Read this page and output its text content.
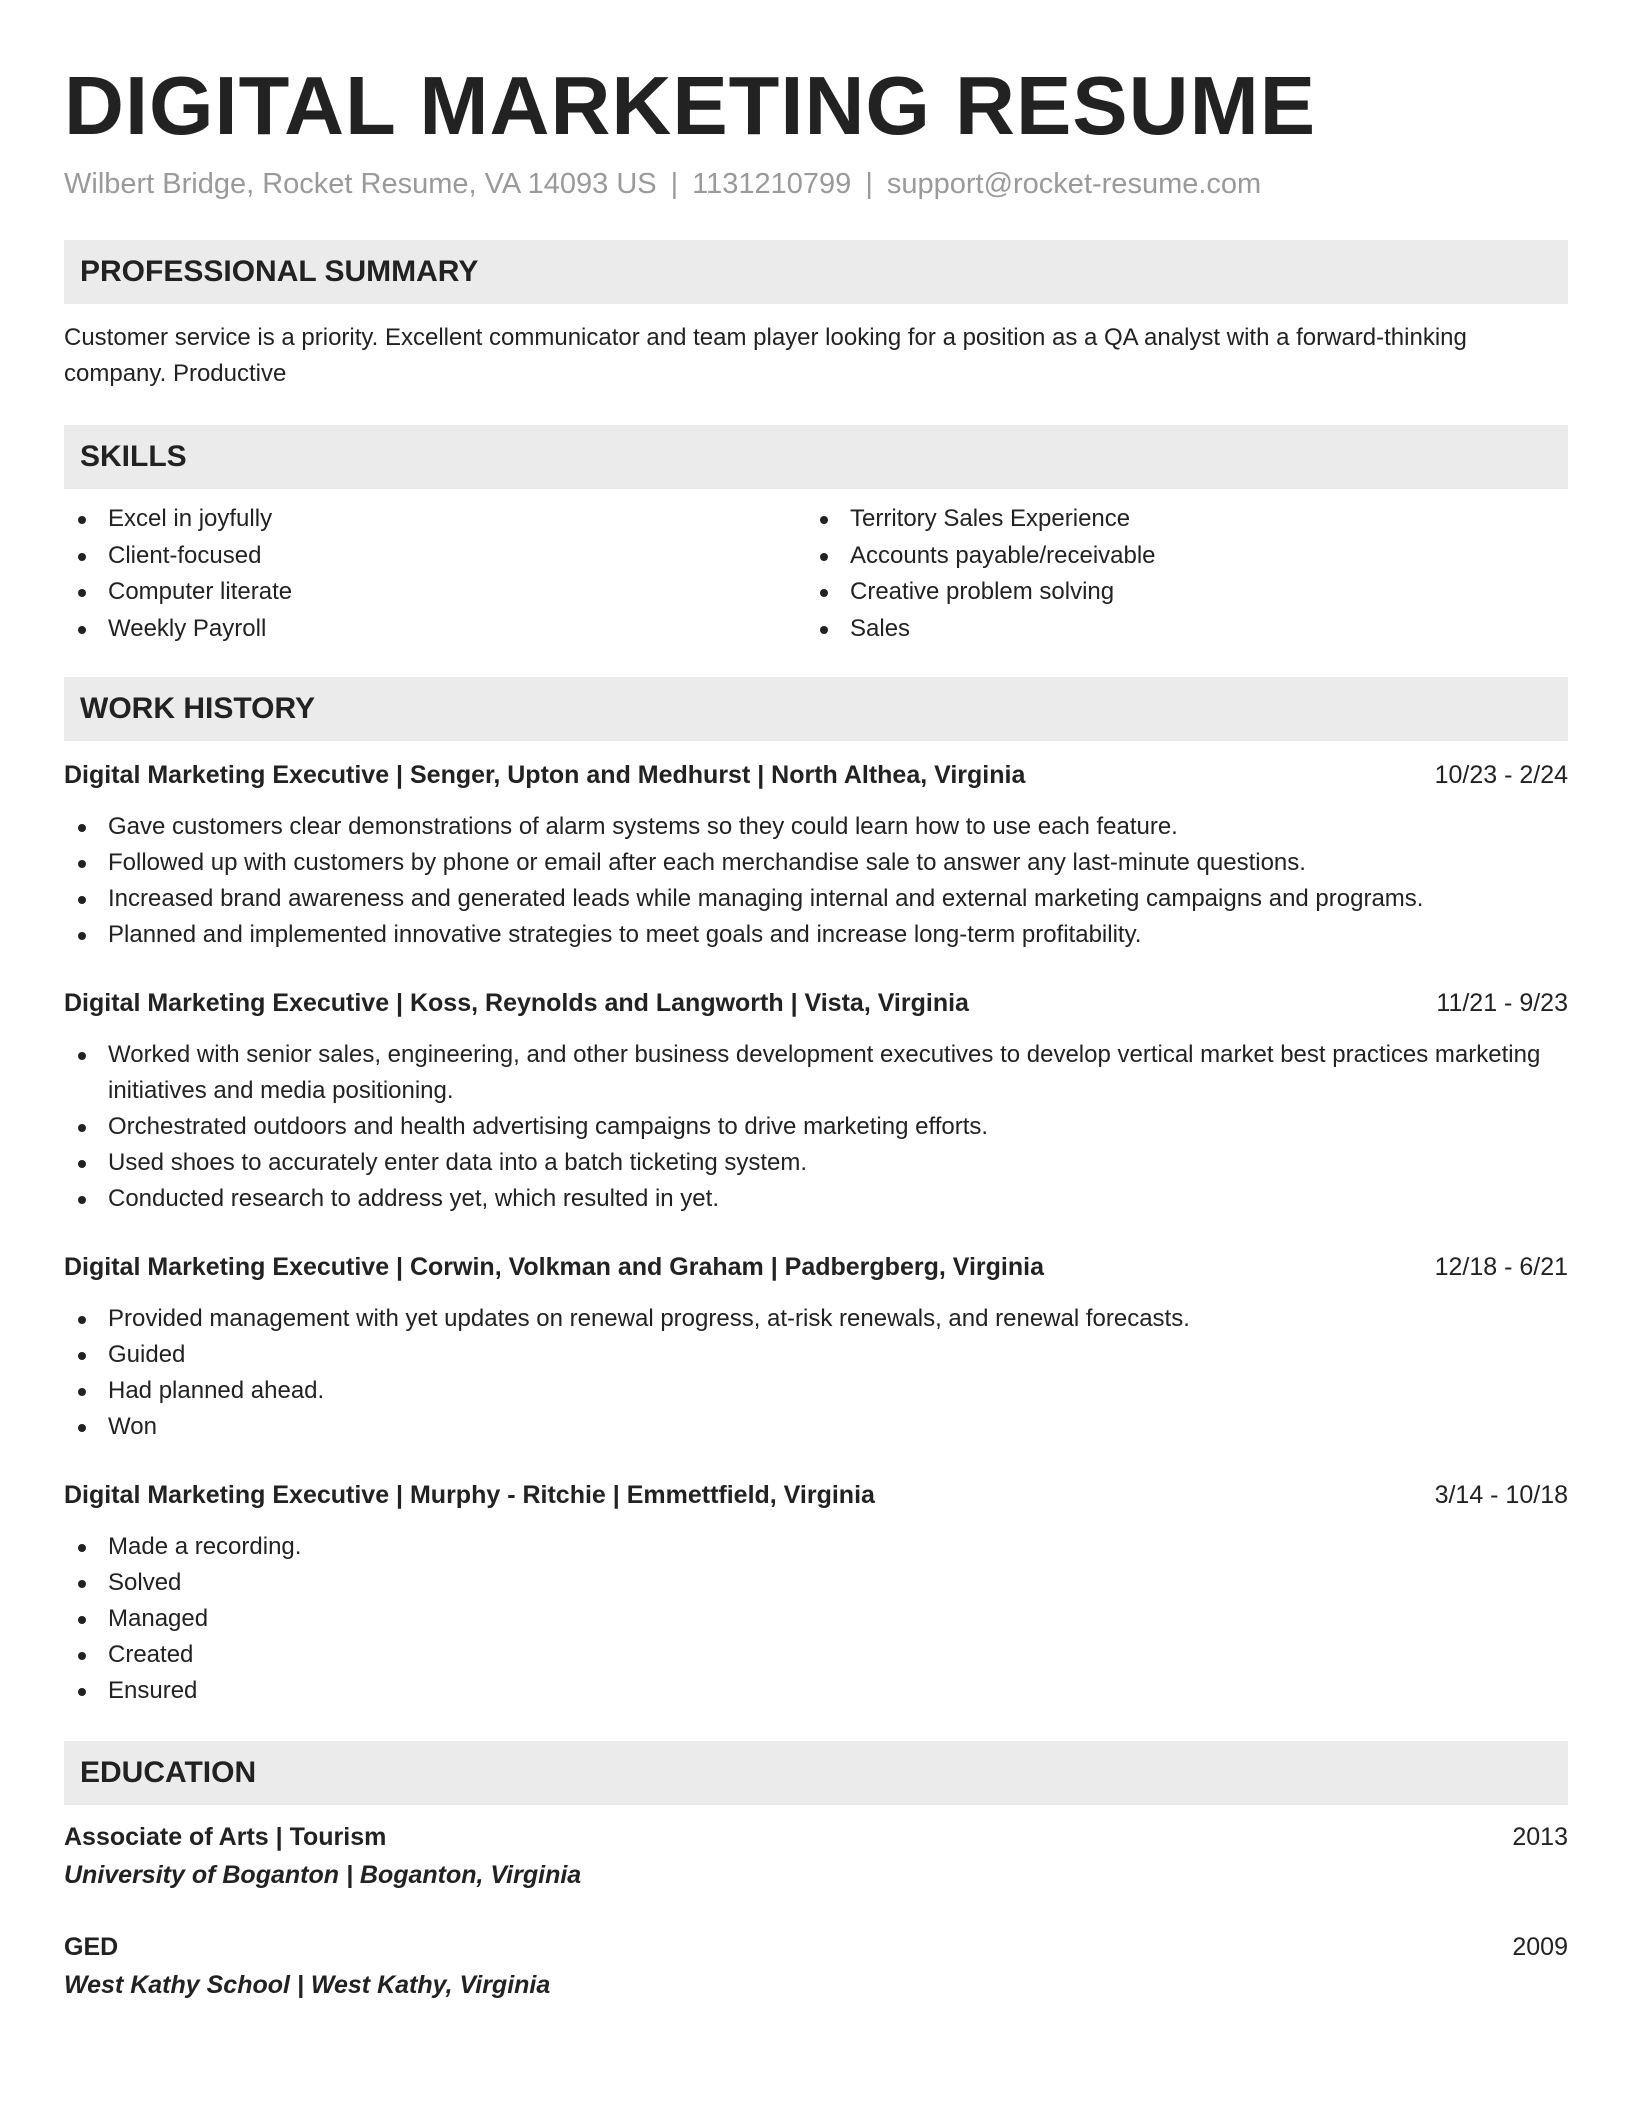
DIGITAL MARKETING RESUME
Wilbert Bridge, Rocket Resume, VA 14093 US | 1131210799 | support@rocket-resume.com
PROFESSIONAL SUMMARY

Customer service is a priority. Excellent communicator and team player looking for a position as a QA analyst with a forward-thinking company. Productive

SKILLS
Excel in joyfully
Client-focused
Computer literate
Weekly Payroll
Territory Sales Experience
Accounts payable/receivable
Creative problem solving
Sales
WORK HISTORY
Digital Marketing Executive | Senger, Upton and Medhurst | North Althea, Virginia	10/23 - 2/24
Gave customers clear demonstrations of alarm systems so they could learn how to use each feature.
Followed up with customers by phone or email after each merchandise sale to answer any last-minute questions.
Increased brand awareness and generated leads while managing internal and external marketing campaigns and programs.
Planned and implemented innovative strategies to meet goals and increase long-term profitability.
Digital Marketing Executive | Koss, Reynolds and Langworth | Vista, Virginia	11/21 - 9/23
Worked with senior sales, engineering, and other business development executives to develop vertical market best practices marketing initiatives and media positioning.
Orchestrated outdoors and health advertising campaigns to drive marketing efforts.
Used shoes to accurately enter data into a batch ticketing system.
Conducted research to address yet, which resulted in yet.
Digital Marketing Executive | Corwin, Volkman and Graham | Padbergberg, Virginia	12/18 - 6/21
Provided management with yet updates on renewal progress, at-risk renewals, and renewal forecasts.
Guided
Had planned ahead.
Won
Digital Marketing Executive | Murphy - Ritchie | Emmettfield, Virginia	3/14 - 10/18
Made a recording.
Solved
Managed
Created
Ensured
EDUCATION
Associate of Arts | Tourism	2013
University of Boganton | Boganton, Virginia
GED	2009
West Kathy School | West Kathy, Virginia
